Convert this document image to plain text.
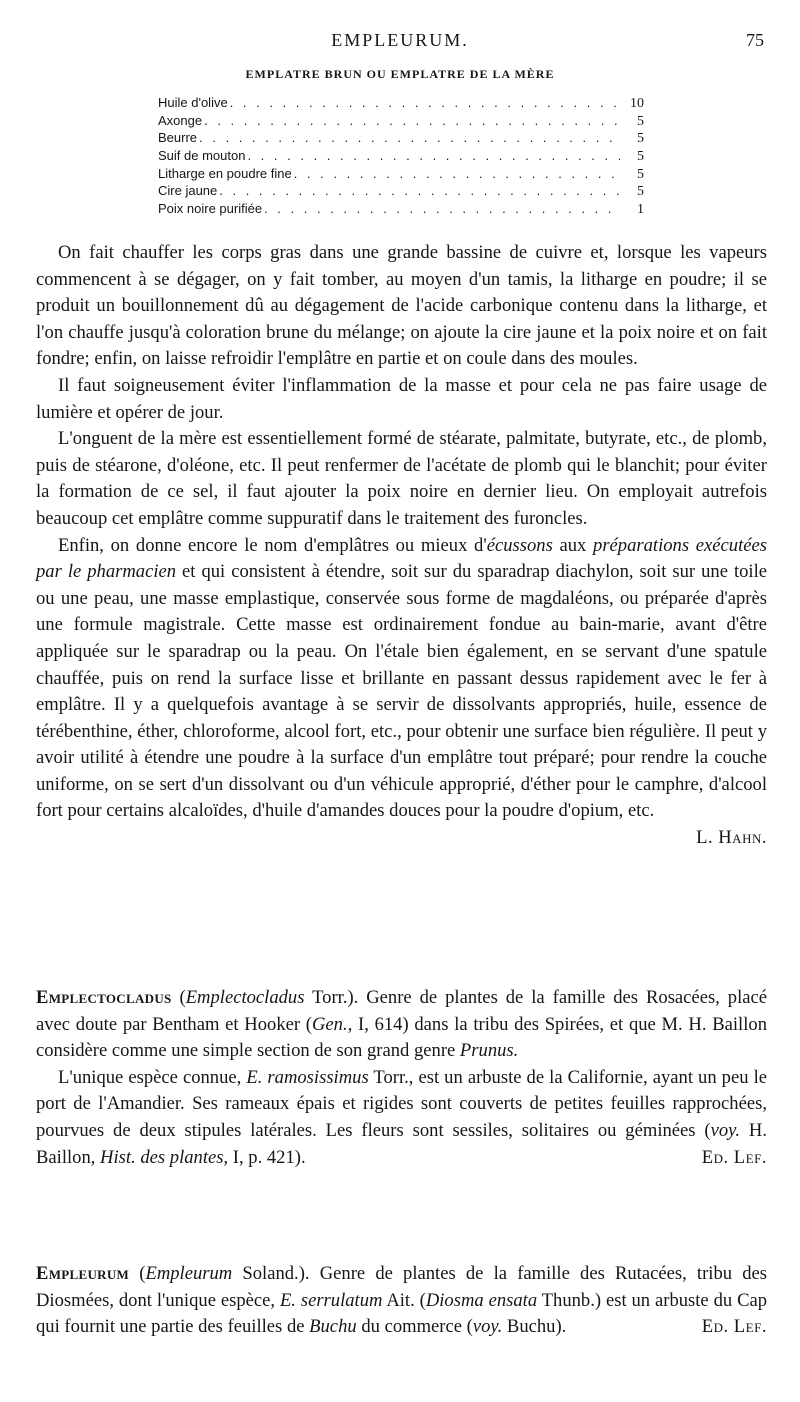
EMPLEURUM.	75
EMPLATRE BRUN OU EMPLATRE DE LA MÈRE
Huile d'olive . . .	10
Axonge . . .	5
Beurre . . .	5
Suif de mouton . . .	5
Litharge en poudre fine . . .	5
Cire jaune . . .	5
Poix noire purifiée . . .	1

On fait chauffer les corps gras dans une grande bassine de cuivre et, lorsque les vapeurs commencent à se dégager, on y fait tomber, au moyen d'un tamis, la litharge en poudre; il se produit un bouillonnement dû au dégagement de l'acide carbonique contenu dans la litharge, et l'on chauffe jusqu'à coloration brune du mélange; on ajoute la cire jaune et la poix noire et on fait fondre; enfin, on laisse refroidir l'emplâtre en partie et on coule dans des moules.

Il faut soigneusement éviter l'inflammation de la masse et pour cela ne pas faire usage de lumière et opérer de jour.

L'onguent de la mère est essentiellement formé de stéarate, palmitate, butyrate, etc., de plomb, puis de stéarone, d'oléone, etc. Il peut renfermer de l'acétate de plomb qui le blanchit; pour éviter la formation de ce sel, il faut ajouter la poix noire en dernier lieu. On employait autrefois beaucoup cet emplâtre comme suppuratif dans le traitement des furoncles.

Enfin, on donne encore le nom d'emplâtres ou mieux d'écussons aux préparations exécutées par le pharmacien et qui consistent à étendre, soit sur du sparadrap diachylon, soit sur une toile ou une peau, une masse emplastique, conservée sous forme de magdaléons, ou préparée d'après une formule magistrale. Cette masse est ordinairement fondue au bain-marie, avant d'être appliquée sur le sparadrap ou la peau. On l'étale bien également, en se servant d'une spatule chauffée, puis on rend la surface lisse et brillante en passant dessus rapidement avec le fer à emplâtre. Il y a quelquefois avantage à se servir de dissolvants appropriés, huile, essence de térébenthine, éther, chloroforme, alcool fort, etc., pour obtenir une surface bien régulière. Il peut y avoir utilité à étendre une poudre à la surface d'un emplâtre tout préparé; pour rendre la couche uniforme, on se sert d'un dissolvant ou d'un véhicule approprié, d'éther pour le camphre, d'alcool fort pour certains alcaloïdes, d'huile d'amandes douces pour la poudre d'opium, etc.
L. Hahn.

Emplectocladus (Emplectocladus Torr.). Genre de plantes de la famille des Rosacées, placé avec doute par Bentham et Hooker (Gen., I, 614) dans la tribu des Spirées, et que M. H. Baillon considère comme une simple section de son grand genre Prunus.

L'unique espèce connue, E. ramosissimus Torr., est un arbuste de la Californie, ayant un peu le port de l'Amandier. Ses rameaux épais et rigides sont couverts de petites feuilles rapprochées, pourvues de deux stipules latérales. Les fleurs sont sessiles, solitaires ou géminées (voy. H. Baillon, Hist. des plantes, I, p. 421).	Ed. Lef.

Empleurum (Empleurum Soland.). Genre de plantes de la famille des Rutacées, tribu des Diosmées, dont l'unique espèce, E. serrulatum Ait. (Diosma ensata Thunb.) est un arbuste du Cap qui fournit une partie des feuilles de Buchu du commerce (voy. Buchu).	Ed. Lef.
